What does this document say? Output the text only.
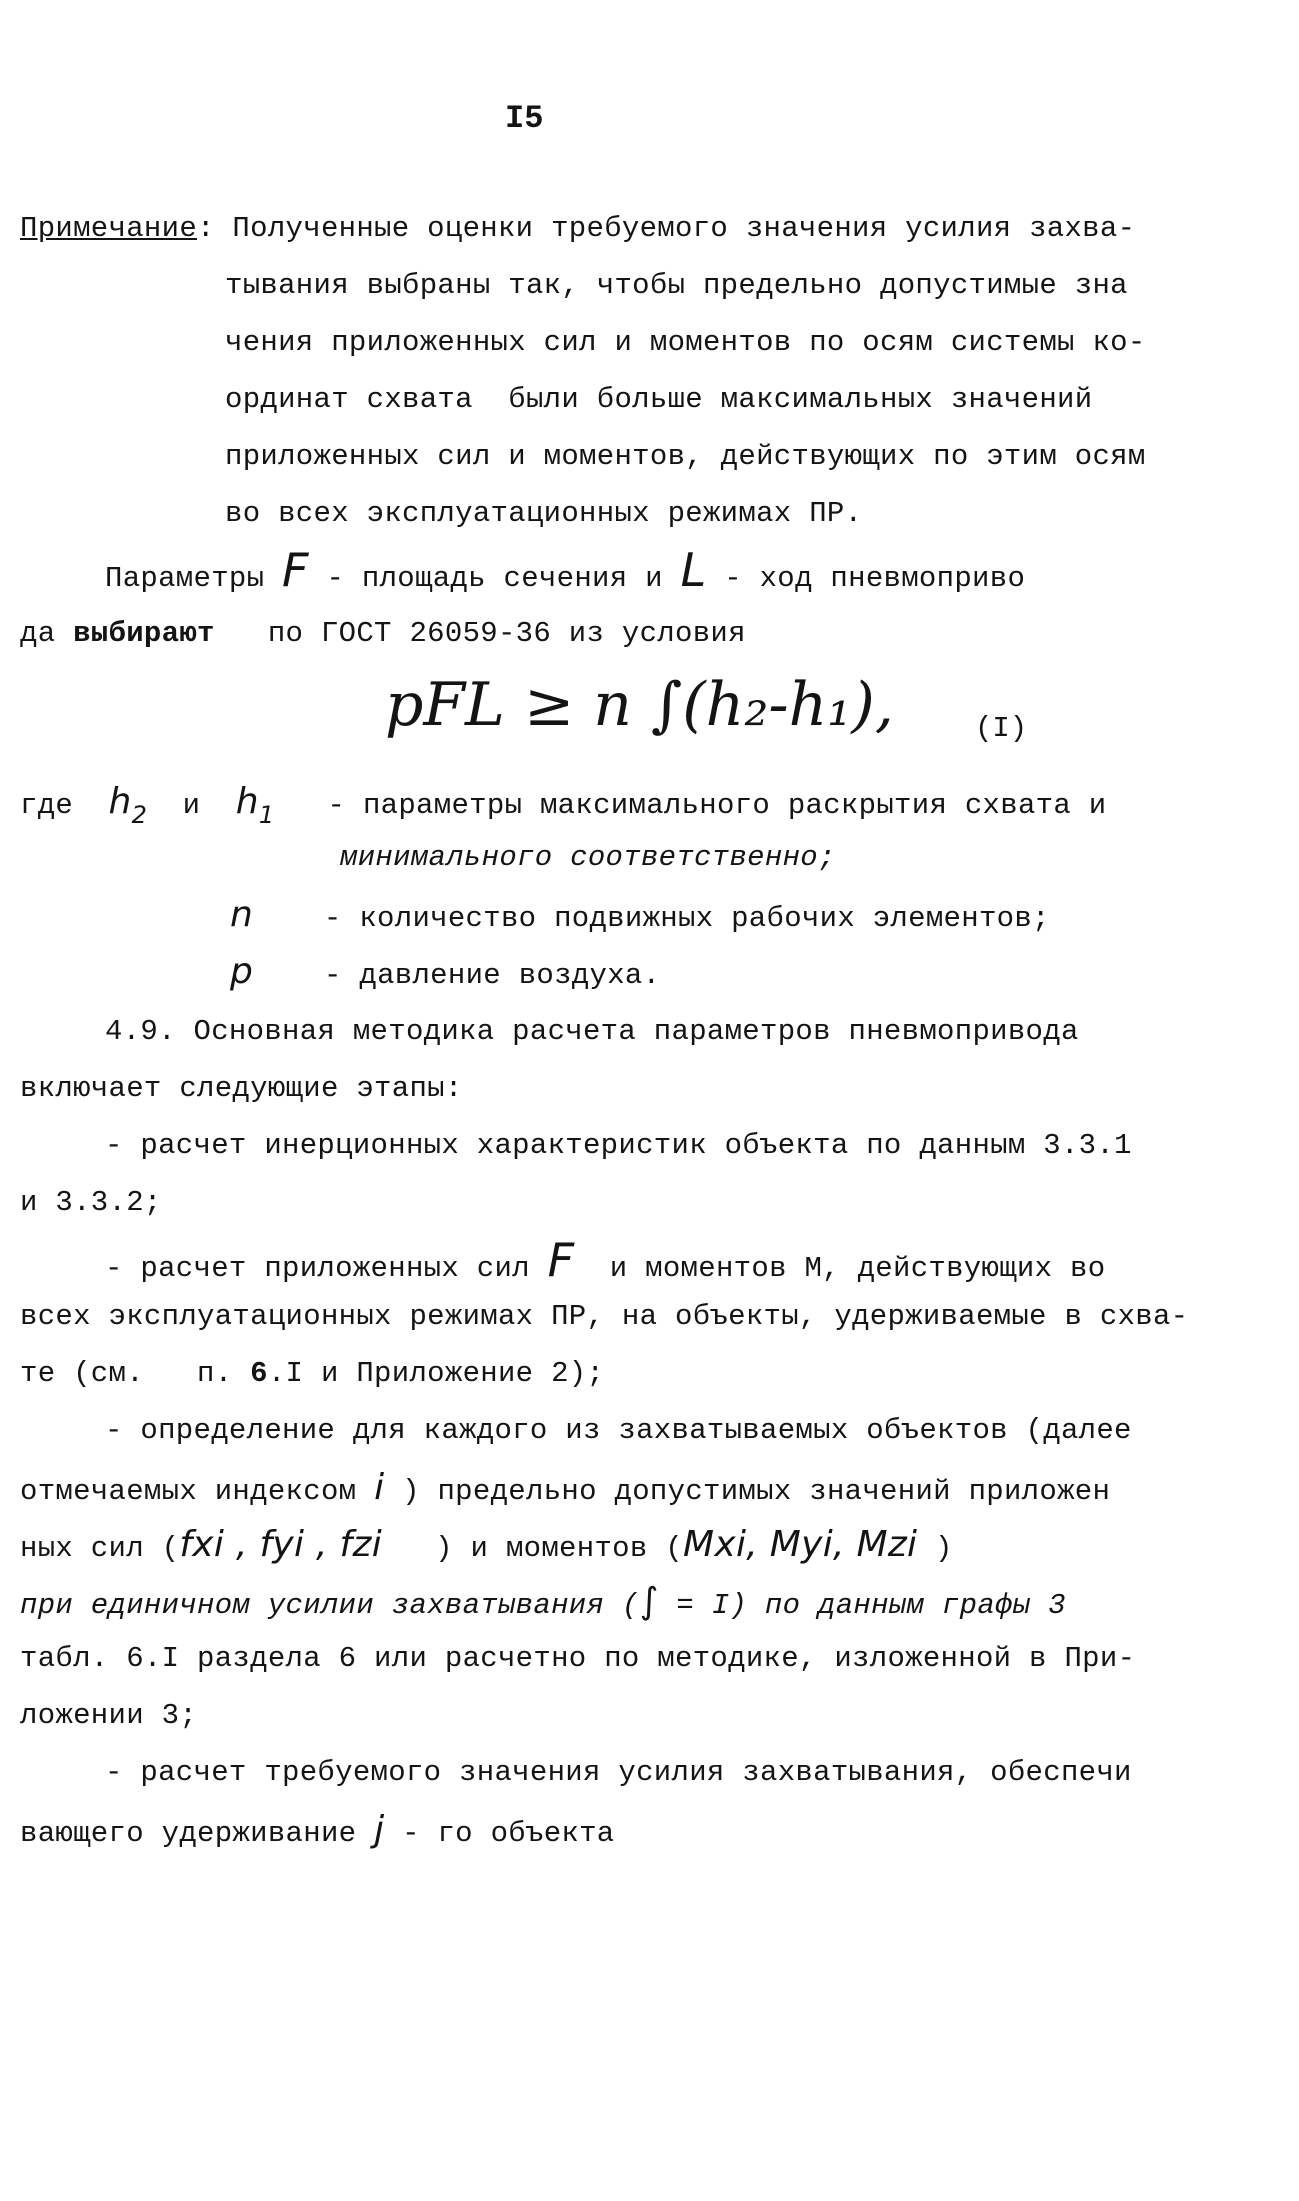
I5
Примечание: Полученные оценки требуемого значения усилия захва-
тывания выбраны так, чтобы предельно допустимые зна
чения приложенных сил и моментов по осям системы ко-
ординат схвата  были больше максимальных значений
приложенных сил и моментов, действующих по этим осям
во всех эксплуатационных режимах ПР.
Параметры F - площадь сечения и L - ход пневмоприво
да выбирают   по ГОСТ 26059-36 из условия
pFL ≥ n ∫(h₂-h₁),	(I)
где $h_2$ и $h_1$   - параметры максимального раскрытия схвата и
минимального соответственно;
n    - количество подвижных рабочих элементов;
p    - давление воздуха.
4.9. Основная методика расчета параметров пневмопривода
включает следующие этапы:
- расчет инерционных характеристик объекта по данным 3.3.1
и 3.3.2;
- расчет приложенных сил F  и моментов М, действующих во
всех эксплуатационных режимах ПР, на объекты, удерживаемые в схва-
те (см.   п. 6.I и Приложение 2);
- определение для каждого из захватываемых объектов (далее
отмечаемых индексом i ) предельно допустимых значений приложен
ных сил (fxi , fyi , fzi   ) и моментов (Mxi, Myi, Mzi )
при единичном усилии захватывания (∫ = I) по данным графы 3
табл. 6.I раздела 6 или расчетно по методике, изложенной в При-
ложении 3;
- расчет требуемого значения усилия захватывания, обеспечи
вающего удерживание j - го объекта
